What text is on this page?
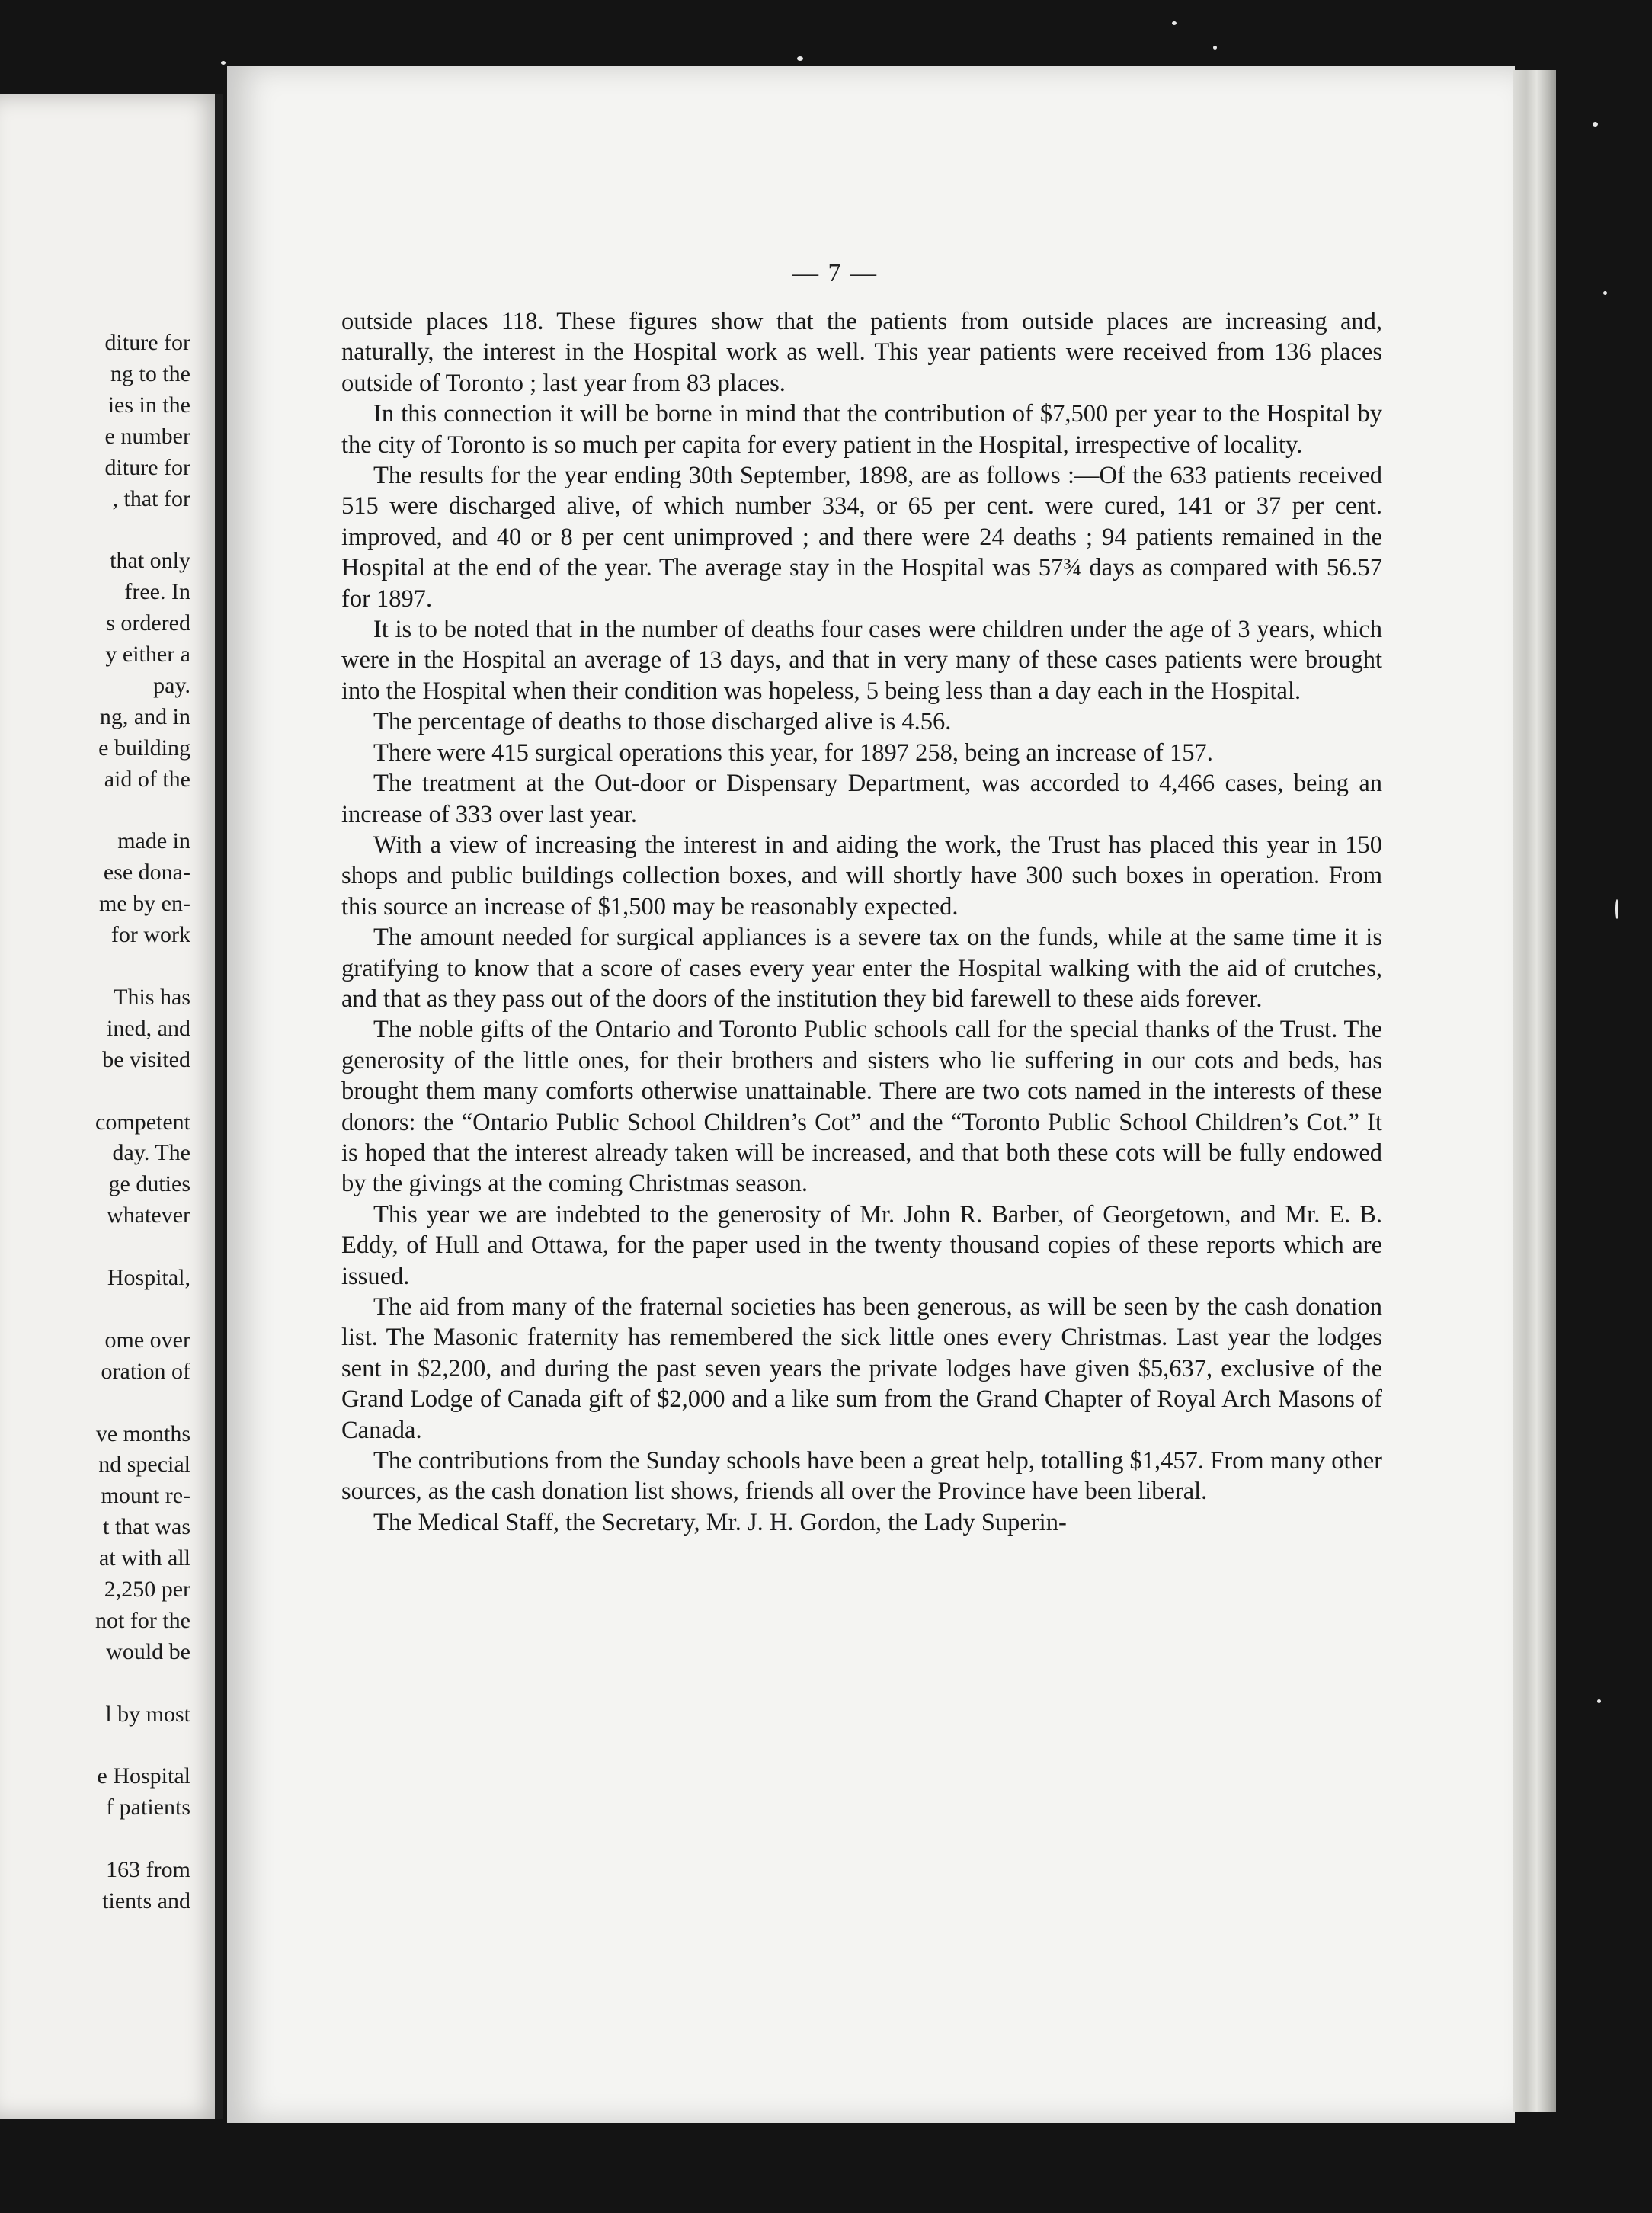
diture for
ng to the
ies in the
e number
diture for
, that for
that only
free. In
s ordered
y either a
pay.
ng, and in
e building
aid of the
made in
ese dona-
me by en-
for work
This has
ined, and
be visited
competent
day. The
ge duties
whatever
Hospital,
ome over
oration of
ve months
nd special
mount re-
t that was
at with all
2,250 per
not for the
would be
l by most
e Hospital
f patients
163 from
tients and
— 7 —

outside places 118. These figures show that the patients from outside places are increasing and, naturally, the interest in the Hospital work as well. This year patients were received from 136 places outside of Toronto ; last year from 83 places.

In this connection it will be borne in mind that the contribution of $7,500 per year to the Hospital by the city of Toronto is so much per capita for every patient in the Hospital, irrespective of locality.

The results for the year ending 30th September, 1898, are as follows :—Of the 633 patients received 515 were discharged alive, of which number 334, or 65 per cent. were cured, 141 or 37 per cent. improved, and 40 or 8 per cent unimproved ; and there were 24 deaths ; 94 patients remained in the Hospital at the end of the year. The average stay in the Hospital was 57¾ days as compared with 56.57 for 1897.

It is to be noted that in the number of deaths four cases were children under the age of 3 years, which were in the Hospital an average of 13 days, and that in very many of these cases patients were brought into the Hospital when their condition was hopeless, 5 being less than a day each in the Hospital.

The percentage of deaths to those discharged alive is 4.56.

There were 415 surgical operations this year, for 1897 258, being an increase of 157.

The treatment at the Out-door or Dispensary Department, was accorded to 4,466 cases, being an increase of 333 over last year.

With a view of increasing the interest in and aiding the work, the Trust has placed this year in 150 shops and public buildings collection boxes, and will shortly have 300 such boxes in operation. From this source an increase of $1,500 may be reasonably expected.

The amount needed for surgical appliances is a severe tax on the funds, while at the same time it is gratifying to know that a score of cases every year enter the Hospital walking with the aid of crutches, and that as they pass out of the doors of the institution they bid farewell to these aids forever.

The noble gifts of the Ontario and Toronto Public schools call for the special thanks of the Trust. The generosity of the little ones, for their brothers and sisters who lie suffering in our cots and beds, has brought them many comforts otherwise unattainable. There are two cots named in the interests of these donors: the “Ontario Public School Children’s Cot” and the “Toronto Public School Children’s Cot.” It is hoped that the interest already taken will be increased, and that both these cots will be fully endowed by the givings at the coming Christmas season.

This year we are indebted to the generosity of Mr. John R. Barber, of Georgetown, and Mr. E. B. Eddy, of Hull and Ottawa, for the paper used in the twenty thousand copies of these reports which are issued.

The aid from many of the fraternal societies has been generous, as will be seen by the cash donation list. The Masonic fraternity has remembered the sick little ones every Christmas. Last year the lodges sent in $2,200, and during the past seven years the private lodges have given $5,637, exclusive of the Grand Lodge of Canada gift of $2,000 and a like sum from the Grand Chapter of Royal Arch Masons of Canada.

The contributions from the Sunday schools have been a great help, totalling $1,457. From many other sources, as the cash donation list shows, friends all over the Province have been liberal.

The Medical Staff, the Secretary, Mr. J. H. Gordon, the Lady Superin-
